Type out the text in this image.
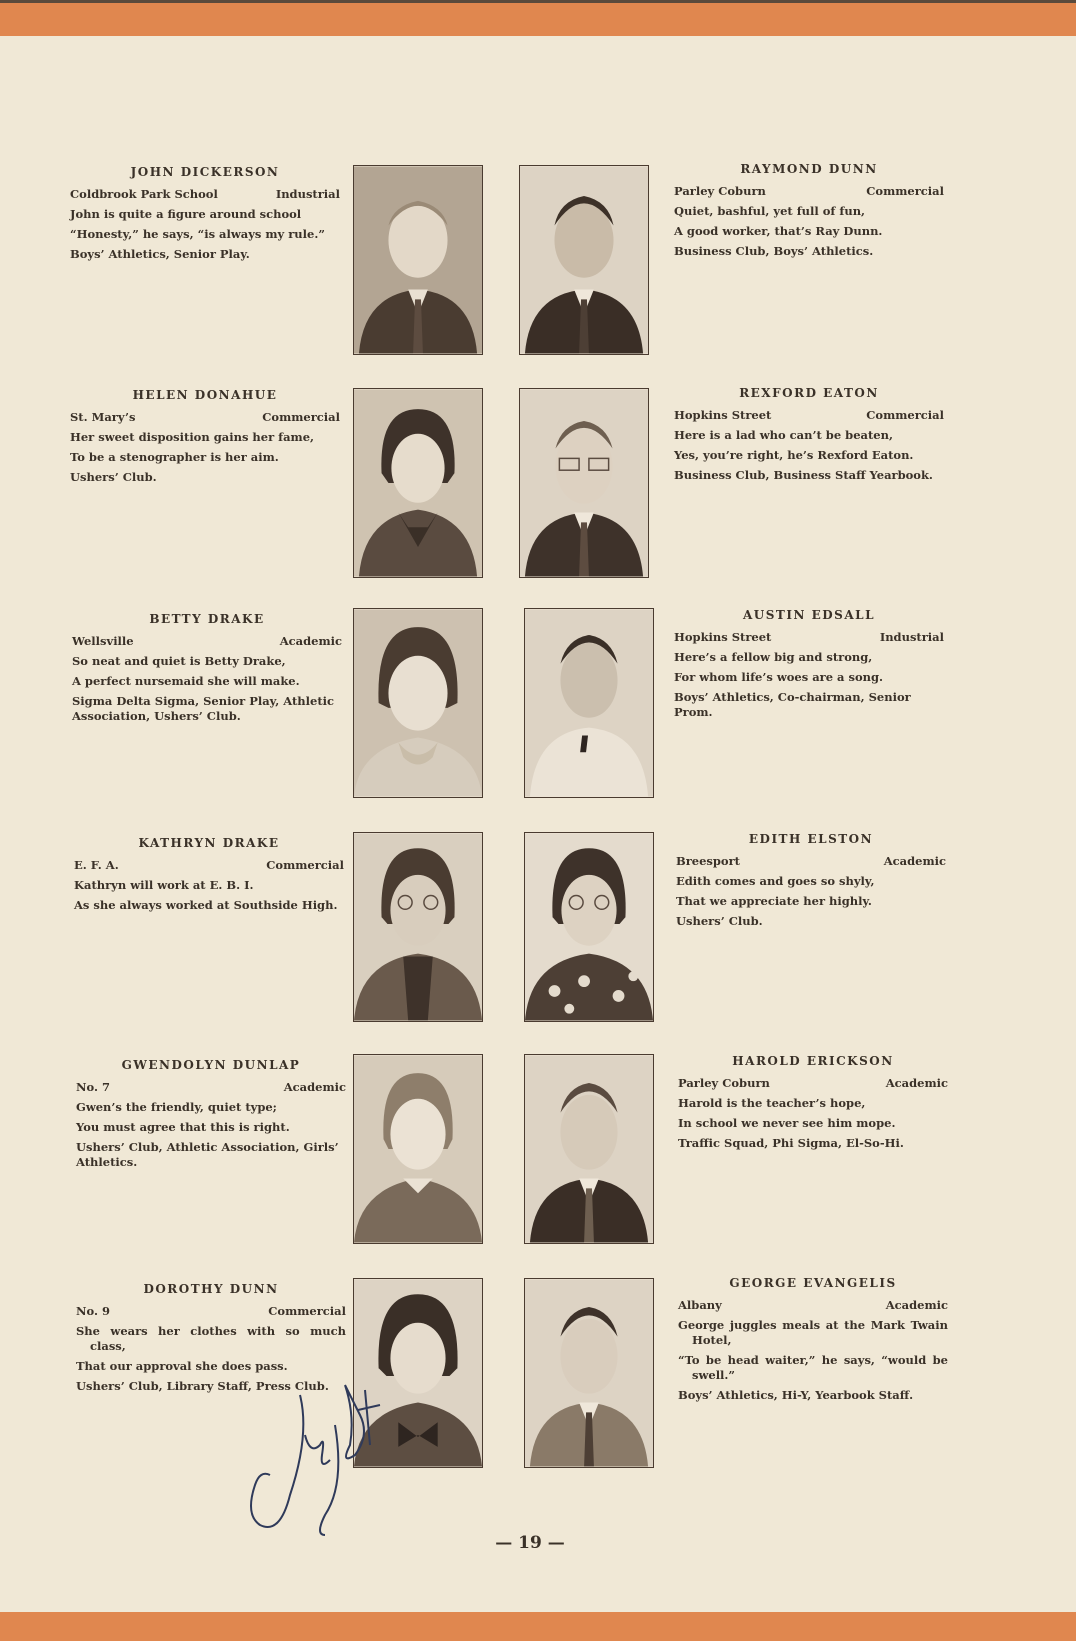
JOHN DICKERSON
Coldbrook Park School	Industrial

John is quite a figure around school

“Honesty,” he says, “is always my rule.”

Boys’ Athletics, Senior Play.

HELEN DONAHUE
St. Mary’s	Commercial

Her sweet disposition gains her fame,

To be a stenographer is her aim.

Ushers’ Club.

BETTY DRAKE
Wellsville	Academic

So neat and quiet is Betty Drake,

A perfect nursemaid she will make.

Sigma Delta Sigma, Senior Play, Athletic Association, Ushers’ Club.

KATHRYN DRAKE
E. F. A.	Commercial

Kathryn will work at E. B. I.

As she always worked at Southside High.

GWENDOLYN DUNLAP
No. 7	Academic

Gwen’s the friendly, quiet type;

You must agree that this is right.

Ushers’ Club, Athletic Association, Girls’ Athletics.

DOROTHY DUNN
No. 9	Commercial

She wears her clothes with so much class,

That our approval she does pass.

Ushers’ Club, Library Staff, Press Club.

RAYMOND DUNN
Parley Coburn	Commercial

Quiet, bashful, yet full of fun,

A good worker, that’s Ray Dunn.

Business Club, Boys’ Athletics.

REXFORD EATON
Hopkins Street	Commercial

Here is a lad who can’t be beaten,

Yes, you’re right, he’s Rexford Eaton.

Business Club, Business Staff Yearbook.

AUSTIN EDSALL
Hopkins Street	Industrial

Here’s a fellow big and strong,

For whom life’s woes are a song.

Boys’ Athletics, Co-chairman, Senior Prom.

EDITH ELSTON
Breesport	Academic

Edith comes and goes so shyly,

That we appreciate her highly.

Ushers’ Club.

HAROLD ERICKSON
Parley Coburn	Academic

Harold is the teacher’s hope,

In school we never see him mope.

Traffic Squad, Phi Sigma, El-So-Hi.

GEORGE EVANGELIS
Albany	Academic

George juggles meals at the Mark Twain Hotel,

“To be head waiter,” he says, “would be swell.”

Boys’ Athletics, Hi-Y, Yearbook Staff.

— 19 —
